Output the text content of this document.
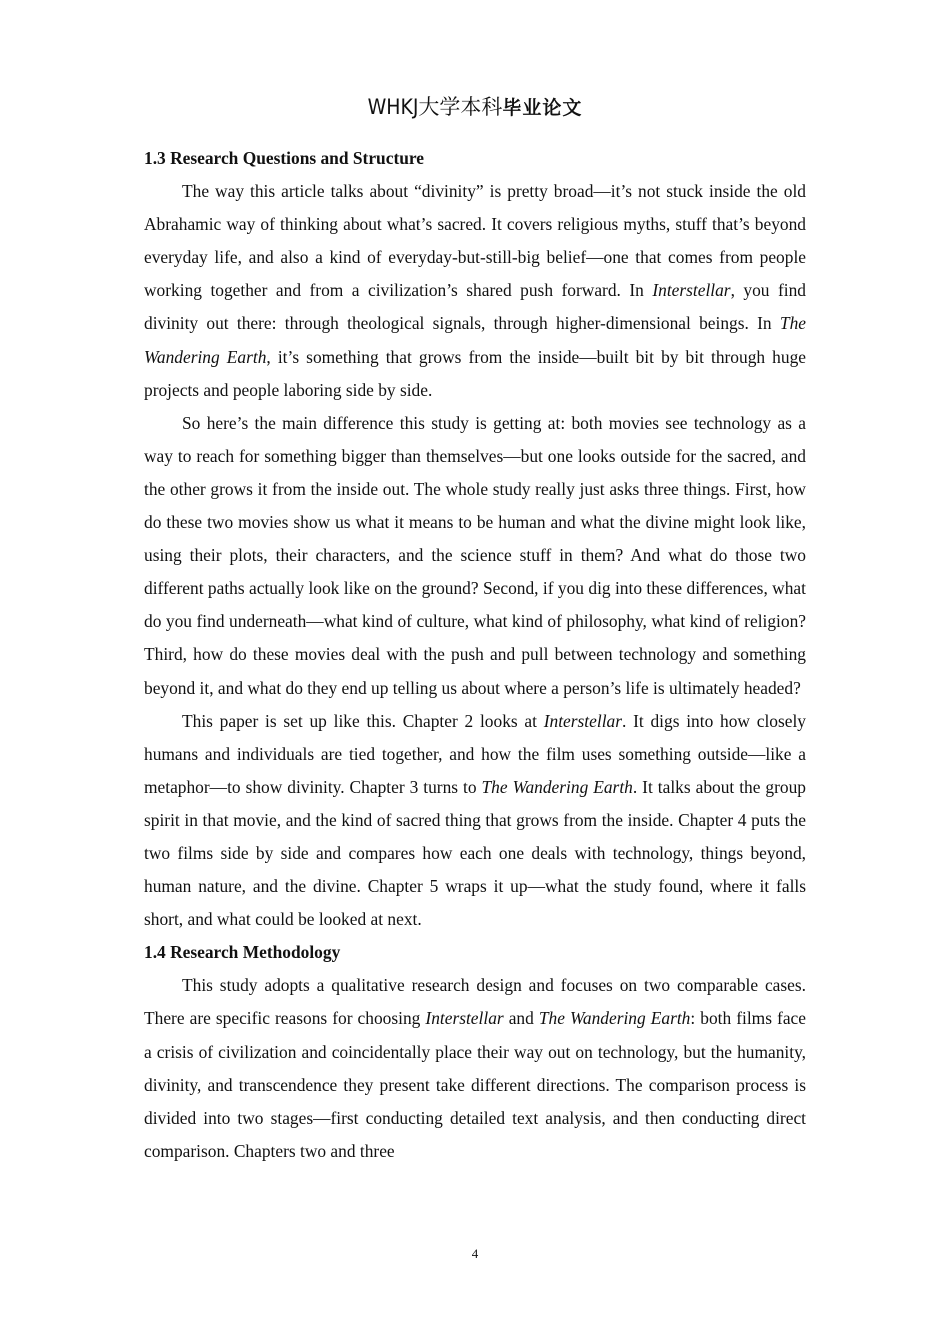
WHKJ大学本科毕业论文

1.3 Research Questions and Structure

The way this article talks about “divinity” is pretty broad—it’s not stuck inside the old Abrahamic way of thinking about what’s sacred. It covers religious myths, stuff that’s beyond everyday life, and also a kind of everyday-but-still-big belief—one that comes from people working together and from a civilization’s shared push forward. In Interstellar, you find divinity out there: through theological signals, through higher-dimensional beings. In The Wandering Earth, it’s something that grows from the inside—built bit by bit through huge projects and people laboring side by side.

So here’s the main difference this study is getting at: both movies see technology as a way to reach for something bigger than themselves—but one looks outside for the sacred, and the other grows it from the inside out. The whole study really just asks three things. First, how do these two movies show us what it means to be human and what the divine might look like, using their plots, their characters, and the science stuff in them? And what do those two different paths actually look like on the ground? Second, if you dig into these differences, what do you find underneath—what kind of culture, what kind of philosophy, what kind of religion? Third, how do these movies deal with the push and pull between technology and something beyond it, and what do they end up telling us about where a person’s life is ultimately headed?

This paper is set up like this. Chapter 2 looks at Interstellar. It digs into how closely humans and individuals are tied together, and how the film uses something outside—like a metaphor—to show divinity. Chapter 3 turns to The Wandering Earth. It talks about the group spirit in that movie, and the kind of sacred thing that grows from the inside. Chapter 4 puts the two films side by side and compares how each one deals with technology, things beyond, human nature, and the divine. Chapter 5 wraps it up—what the study found, where it falls short, and what could be looked at next.

1.4 Research Methodology

This study adopts a qualitative research design and focuses on two comparable cases. There are specific reasons for choosing Interstellar and The Wandering Earth: both films face a crisis of civilization and coincidentally place their way out on technology, but the humanity, divinity, and transcendence they present take different directions. The comparison process is divided into two stages—first conducting detailed text analysis, and then conducting direct comparison. Chapters two and three

4
